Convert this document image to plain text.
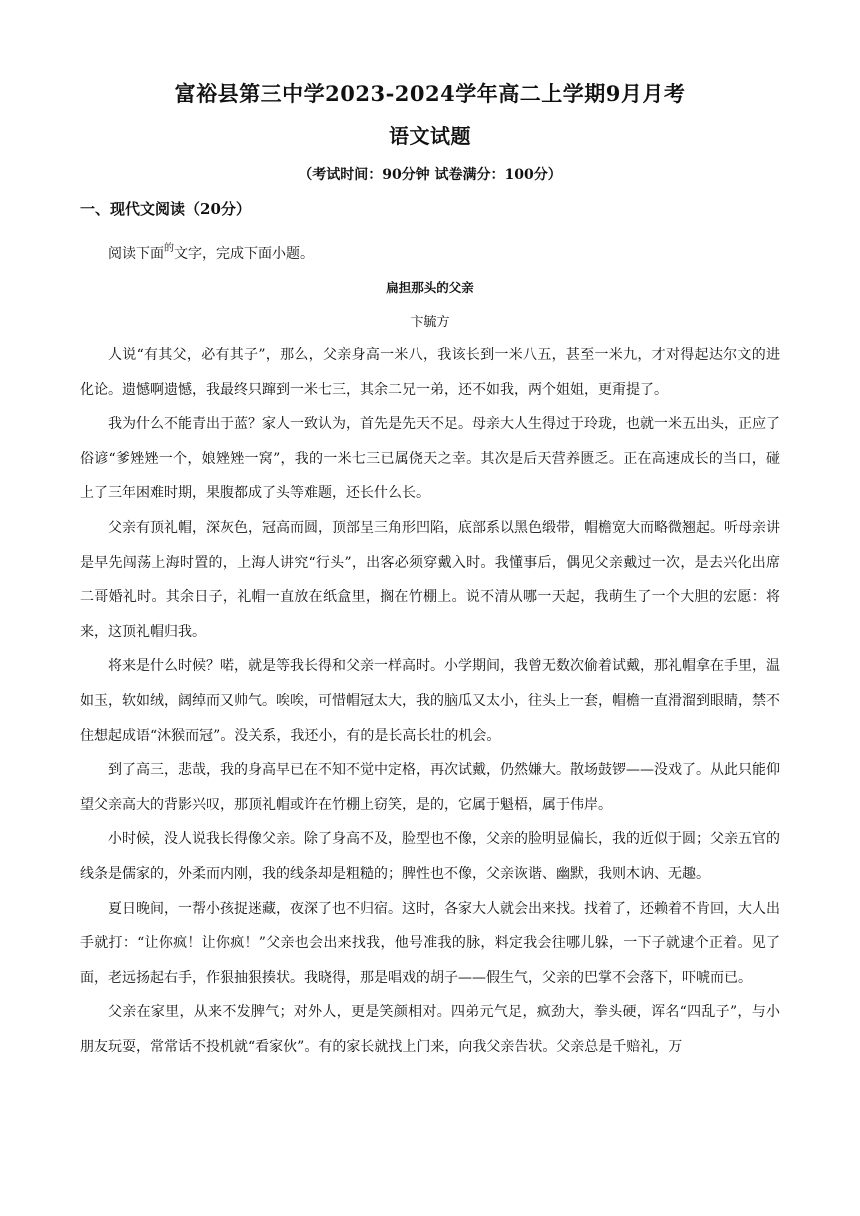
富裕县第三中学2023-2024学年高二上学期9月月考
语文试题

（考试时间：90分钟 试卷满分：100分）

一、现代文阅读（20分）

阅读下面$^的$文字，完成下面小题。

扁担那头的父亲

卞毓方

人说“有其父，必有其子”，那么，父亲身高一米八，我该长到一米八五，甚至一米九，才对得起达尔文的进化论。遗憾啊遗憾，我最终只蹿到一米七三，其余二兄一弟，还不如我，两个姐姐，更甭提了。

我为什么不能青出于蓝？家人一致认为，首先是先天不足。母亲大人生得过于玲珑，也就一米五出头，正应了俗谚“爹矬矬一个，娘矬矬一窝”，我的一米七三已属侥天之幸。其次是后天营养匮乏。正在高速成长的当口，碰上了三年困难时期，果腹都成了头等难题，还长什么长。

父亲有顶礼帽，深灰色，冠高而圆，顶部呈三角形凹陷，底部系以黑色缎带，帽檐宽大而略微翘起。听母亲讲是早先闯荡上海时置的，上海人讲究“行头”，出客必须穿戴入时。我懂事后，偶见父亲戴过一次，是去兴化出席二哥婚礼时。其余日子，礼帽一直放在纸盒里，搁在竹棚上。说不清从哪一天起，我萌生了一个大胆的宏愿：将来，这顶礼帽归我。

将来是什么时候？喏，就是等我长得和父亲一样高时。小学期间，我曾无数次偷着试戴，那礼帽拿在手里，温如玉，软如绒，阔绰而又帅气。唉唉，可惜帽冠太大，我的脑瓜又太小，往头上一套，帽檐一直滑溜到眼睛，禁不住想起成语“沐猴而冠”。没关系，我还小，有的是长高长壮的机会。

到了高三，悲哉，我的身高早已在不知不觉中定格，再次试戴，仍然嫌大。散场鼓锣——没戏了。从此只能仰望父亲高大的背影兴叹，那顶礼帽或许在竹棚上窃笑，是的，它属于魁梧，属于伟岸。

小时候，没人说我长得像父亲。除了身高不及，脸型也不像，父亲的脸明显偏长，我的近似于圆；父亲五官的线条是儒家的，外柔而内刚，我的线条却是粗糙的；脾性也不像，父亲诙谐、幽默，我则木讷、无趣。

夏日晚间，一帮小孩捉迷藏，夜深了也不归宿。这时，各家大人就会出来找。找着了，还赖着不肯回，大人出手就打：“让你疯！让你疯！”父亲也会出来找我，他号准我的脉，料定我会往哪儿躲，一下子就逮个正着。见了面，老远扬起右手，作狠抽狠揍状。我晓得，那是唱戏的胡子——假生气，父亲的巴掌不会落下，吓唬而已。

父亲在家里，从来不发脾气；对外人，更是笑颜相对。四弟元气足，疯劲大，拳头硬，诨名“四乱子”，与小朋友玩耍，常常话不投机就“看家伙”。有的家长就找上门来，向我父亲告状。父亲总是千赔礼，万
